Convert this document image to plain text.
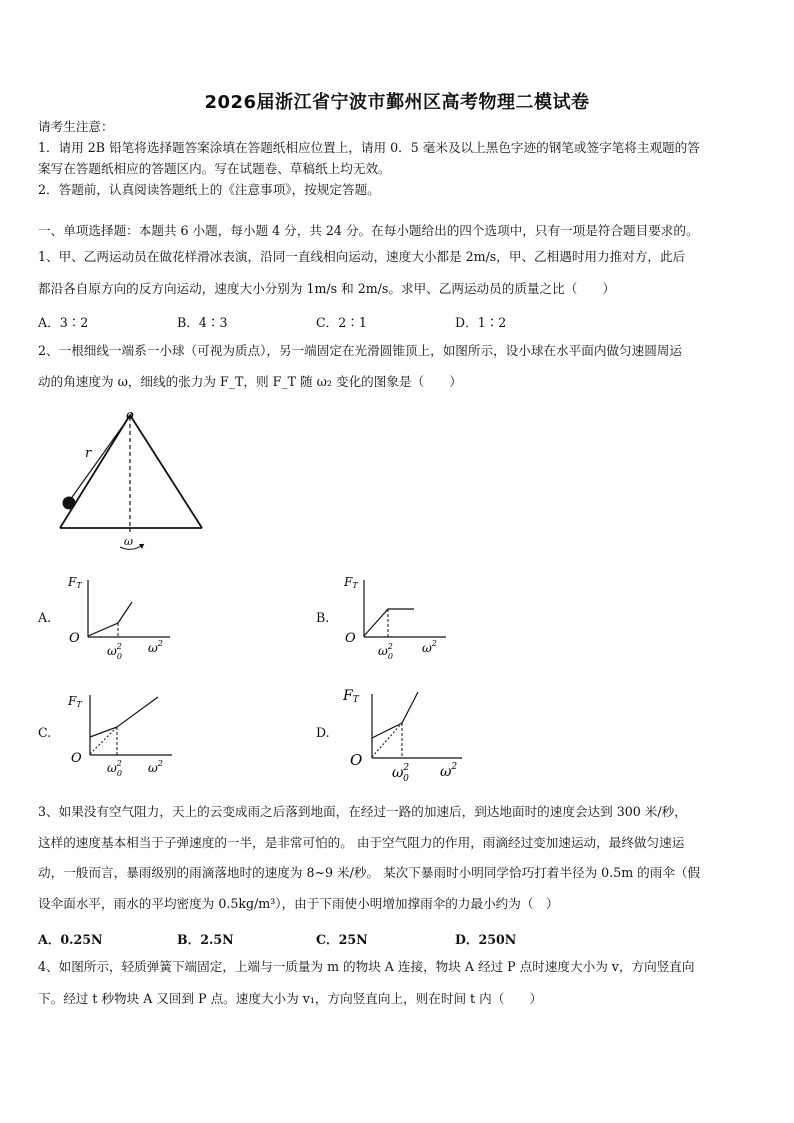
2026届浙江省宁波市鄞州区高考物理二模试卷
请考生注意：
1．请用 2B 铅笔将选择题答案涂填在答题纸相应位置上，请用 0．5 毫米及以上黑色字迹的钢笔或签字笔将主观题的答
案写在答题纸相应的答题区内。写在试题卷、草稿纸上均无效。
2．答题前，认真阅读答题纸上的《注意事项》，按规定答题。
一、单项选择题：本题共 6 小题，每小题 4 分，共 24 分。在每小题给出的四个选项中，只有一项是符合题目要求的。
1、甲、乙两运动员在做花样滑冰表演，沿同一直线相向运动，速度大小都是 2m/s，甲、乙相遇时用力推对方，此后
都沿各自原方向的反方向运动，速度大小分别为 1m/s 和 2m/s。求甲、乙两运动员的质量之比（　　）
A．3∶2	B．4∶3	C．2∶1	D．1∶2
2、一根细线一端系一小球（可视为质点），另一端固定在光滑圆锥顶上，如图所示，设小球在水平面内做匀速圆周运
动的角速度为 ω，细线的张力为 F_T，则 F_T 随 ω₂ 变化的图象是（　　）
o
r
ω
A.
FT
O
$\omega^2$ 0
$\omega^2$
B.
FT
O
$\omega^2$ 0
$\omega^2$
C.
FT
O
$\omega^2$ 0 $\omega^2$
D.
FT
O
$\omega^2$ 0 $\omega^2$
3、如果没有空气阻力，天上的云变成雨之后落到地面，在经过一路的加速后，到达地面时的速度会达到 300 米/秒，
这样的速度基本相当于子弹速度的一半，是非常可怕的。 由于空气阻力的作用，雨滴经过变加速运动，最终做匀速运
动，一般而言，暴雨级别的雨滴落地时的速度为 8~9 米/秒。 某次下暴雨时小明同学恰巧打着半径为 0.5m 的雨伞（假
设伞面水平，雨水的平均密度为 0.5kg/m³），由于下雨使小明增加撑雨伞的力最小约为（　）
A．0.25N	B．2.5N	C．25N	D．250N
4、如图所示，轻质弹簧下端固定，上端与一质量为 m 的物块 A 连接，物块 A 经过 P 点时速度大小为 v，方向竖直向
下。经过 t 秒物块 A 又回到 P 点。速度大小为 v₁，方向竖直向上，则在时间 t 内（　　）
